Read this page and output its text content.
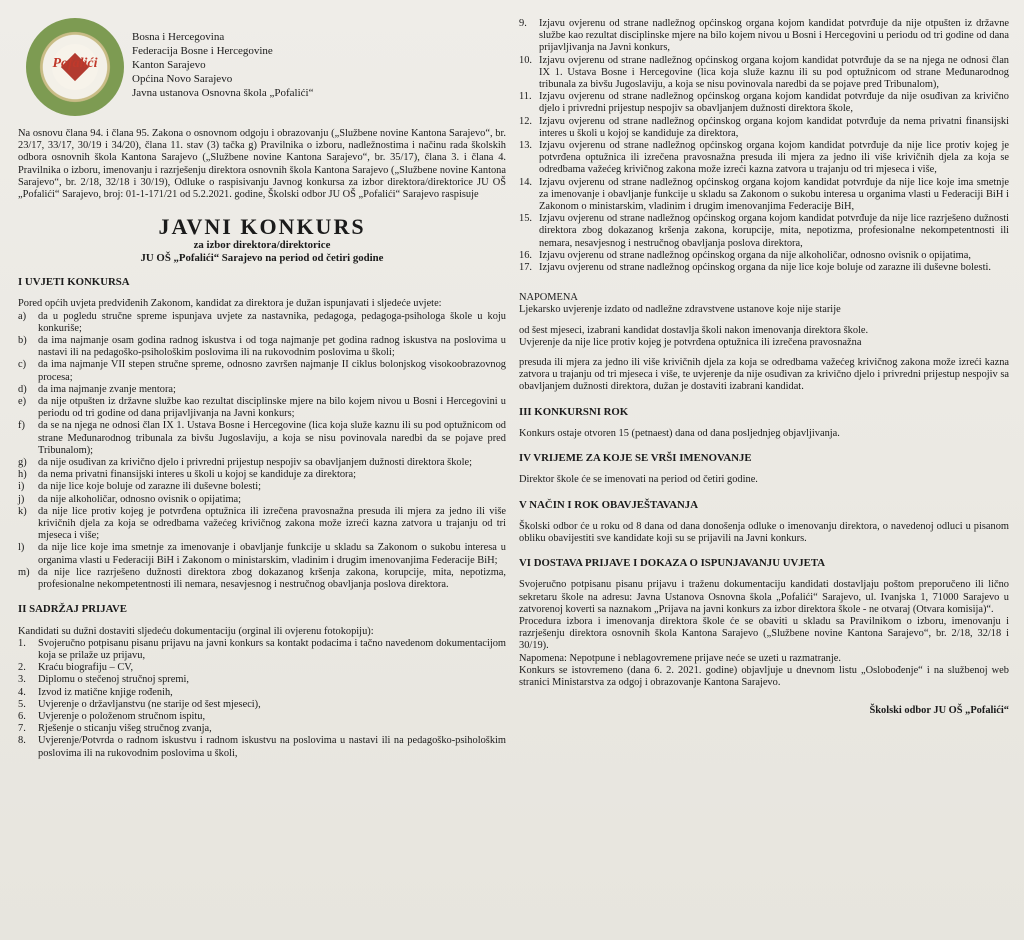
Pofalići
Bosna i Hercegovina
Federacija Bosne i Hercegovine
Kanton Sarajevo
Općina Novo Sarajevo
Javna ustanova Osnovna škola „Pofalići“
Na osnovu člana 94. i člana 95. Zakona o osnovnom odgoju i obrazovanju („Službene novine Kantona Sarajevo“, br. 23/17, 33/17, 30/19 i 34/20), člana 11. stav (3) tačka g) Pravilnika o izboru, nadležnostima i načinu rada školskih odbora osnovnih škola Kantona Sarajevo („Službene novine Kantona Sarajevo“, br. 35/17), člana 3. i člana 4. Pravilnika o izboru, imenovanju i razrješenju direktora osnovnih škola Kantona Sarajevo („Službene novine Kantona Sarajevo“, br. 2/18, 32/18 i 30/19), Odluke o raspisivanju Javnog konkursa za izbor direktora/direktorice JU OŠ „Pofalići“ Sarajevo, broj: 01-1-171/21 od 5.2.2021. godine, Školski odbor JU OŠ „Pofalići“ Sarajevo raspisuje
JAVNI KONKURS
za izbor direktora/direktorice
JU OŠ „Pofalići“ Sarajevo na period od četiri godine
I UVJETI KONKURSA
Pored općih uvjeta predviđenih Zakonom, kandidat za direktora je dužan ispunjavati i sljedeće uvjete:
a)	da u pogledu stručne spreme ispunjava uvjete za nastavnika, pedagoga, pedagoga-psihologa škole u koju konkuriše;
b)	da ima najmanje osam godina radnog iskustva i od toga najmanje pet godina radnog iskustva na poslovima u nastavi ili na pedagoško-psihološkim poslovima ili na rukovodnim poslovima u školi;
c)	da ima najmanje VII stepen stručne spreme, odnosno završen najmanje II ciklus bolonjskog visokoobrazovnog procesa;
d)	da ima najmanje zvanje mentora;
e)	da nije otpušten iz državne službe kao rezultat disciplinske mjere na bilo kojem nivou u Bosni i Hercegovini u periodu od tri godine od dana prijavljivanja na Javni konkurs;
f)	da se na njega ne odnosi član IX 1. Ustava Bosne i Hercegovine (lica koja služe kaznu ili su pod optužnicom od strane Međunarodnog tribunala za bivšu Jugoslaviju, a koja se nisu povinovala naredbi da se pojave pred Tribunalom);
g)	da nije osuđivan za krivično djelo i privredni prijestup nespojiv sa obavljanjem dužnosti direktora škole;
h)	da nema privatni finansijski interes u školi u kojoj se kandiduje za direktora;
i)	da nije lice koje boluje od zarazne ili duševne bolesti;
j)	da nije alkoholičar, odnosno ovisnik o opijatima;
k)	da nije lice protiv kojeg je potvrđena optužnica ili izrečena pravosnažna presuda ili mjera za jedno ili više krivičnih djela za koja se odredbama važećeg krivičnog zakona može izreći kazna zatvora u trajanju od tri mjeseca i više;
l)	da nije lice koje ima smetnje za imenovanje i obavljanje funkcije u skladu sa Zakonom o sukobu interesa u organima vlasti u Federaciji BiH i Zakonom o ministarskim, vladinim i drugim imenovanjima Federacije BiH;
m) da nije lice razrješeno dužnosti direktora zbog dokazanog kršenja zakona, korupcije, mita, nepotizma, profesionalne nekompetentnosti ili nemara, nesavjesnog i nestručnog obavljanja poslova direktora.
II SADRŽAJ PRIJAVE
Kandidati su dužni dostaviti sljedeću dokumentaciju (orginal ili ovjerenu fotokopiju):
1.	Svojeručno potpisanu pisanu prijavu na javni konkurs sa kontakt podacima i tačno navedenom dokumentacijom koja se prilaže uz prijavu,
2.	Kraću biografiju – CV,
3.	Diplomu o stečenoj stručnoj spremi,
4.	Izvod iz matične knjige rođenih,
5.	Uvjerenje o državljanstvu (ne starije od šest mjeseci),
6.	Uvjerenje o položenom stručnom ispitu,
7.	Rješenje o sticanju višeg stručnog zvanja,
8.	Uvjerenje/Potvrda o radnom iskustvu i radnom iskustvu na poslovima u nastavi ili na pedagoško-psihološkim poslovima ili na rukovodnim poslovima u školi,
9.	Izjavu ovjerenu od strane nadležnog općinskog organa kojom kandidat potvrđuje da nije otpušten iz državne službe kao rezultat disciplinske mjere na bilo kojem nivou u Bosni i Hercegovini u periodu od tri godine od dana prijavljivanja na Javni konkurs,
10. Izjavu ovjerenu od strane nadležnog općinskog organa kojom kandidat potvrđuje da se na njega ne odnosi član IX 1. Ustava Bosne i Hercegovine (lica koja služe kaznu ili su pod optužnicom od strane Međunarodnog tribunala za bivšu Jugoslaviju, a koja se nisu povinovala naredbi da se pojave pred Tribunalom),
11. Izjavu ovjerenu od strane nadležnog općinskog organa kojom kandidat potvrđuje da nije osuđivan za krivično djelo i privredni prijestup nespojiv sa obavljanjem dužnosti direktora škole,
12. Izjavu ovjerenu od strane nadležnog općinskog organa kojom kandidat potvrđuje da nema privatni finansijski interes u školi u kojoj se kandiduje za direktora,
13. Izjavu ovjerenu od strane nadležnog općinskog organa kojom kandidat potvrđuje da nije lice protiv kojeg je potvrđena optužnica ili izrečena pravosnažna presuda ili mjera za jedno ili više krivičnih djela za koja se odredbama važećeg krivičnog zakona može izreći kazna zatvora u trajanju od tri mjeseca i više,
14. Izjavu ovjerenu od strane nadležnog općinskog organa kojom kandidat potvrđuje da nije lice koje ima smetnje za imenovanje i obavljanje funkcije u skladu sa Zakonom o sukobu interesa u organima vlasti u Federaciji BiH i Zakonom o ministarskim, vladinim i drugim imenovanjima Federacije BiH,
15. Izjavu ovjerenu od strane nadležnog općinskog organa kojom kandidat potvrđuje da nije lice razrješeno dužnosti direktora zbog dokazanog kršenja zakona, korupcije, mita, nepotizma, profesionalne nekompetentnosti ili nemara, nesavjesnog i nestručnog obavljanja poslova direktora,
16. Izjavu ovjerenu od strane nadležnog općinskog organa da nije alkoholičar, odnosno ovisnik o opijatima,
17. Izjavu ovjerenu od strane nadležnog općinskog organa da nije lice koje boluje od zarazne ili duševne bolesti.
NAPOMENA
Ljekarsko uvjerenje izdato od nadležne zdravstvene ustanove koje nije starije
od šest mjeseci, izabrani kandidat dostavlja školi nakon imenovanja direktora škole.
Uvjerenje da nije lice protiv kojeg je potvrđena optužnica ili izrečena pravosnažna
presuda ili mjera za jedno ili više krivičnih djela za koja se odredbama važećeg krivičnog zakona može izreći kazna zatvora u trajanju od tri mjeseca i više, te uvjerenje da nije osuđivan za krivično djelo i privredni prijestup nespojiv sa obavljanjem dužnosti direktora, dužan je dostaviti izabrani kandidat.
III KONKURSNI ROK
Konkurs ostaje otvoren 15 (petnaest) dana od dana posljednjeg objavljivanja.
IV VRIJEME ZA KOJE SE VRŠI IMENOVANJE
Direktor škole će se imenovati na period od četiri godine.
V NAČIN I ROK OBAVJEŠTAVANJA
Školski odbor će u roku od 8 dana od dana donošenja odluke o imenovanju direktora, o navedenoj odluci u pisanom obliku obavijestiti sve kandidate koji su se prijavili na Javni konkurs.
VI DOSTAVA PRIJAVE I DOKAZA O ISPUNJAVANJU UVJETA
Svojeručno potpisanu pisanu prijavu i traženu dokumentaciju kandidati dostavljaju poštom preporučeno ili lično sekretaru škole na adresu: Javna Ustanova Osnovna škola „Pofalići“ Sarajevo, ul. Ivanjska 1, 71000 Sarajevo u zatvorenoj koverti sa naznakom „Prijava na javni konkurs za izbor direktora škole - ne otvaraj (Otvara komisija)“.
Procedura izbora i imenovanja direktora škole će se obaviti u skladu sa Pravilnikom o izboru, imenovanju i razrješenju direktora osnovnih škola Kantona Sarajevo („Službene novine Kantona Sarajevo“, br. 2/18, 32/18 i 30/19).
Napomena: Nepotpune i neblagovremene prijave neće se uzeti u razmatranje.
Konkurs se istovremeno (dana 6. 2. 2021. godine) objavljuje u dnevnom listu „Oslobođenje“ i na službenoj web stranici Ministarstva za odgoj i obrazovanje Kantona Sarajevo.
Školski odbor JU OŠ „Pofalići“
